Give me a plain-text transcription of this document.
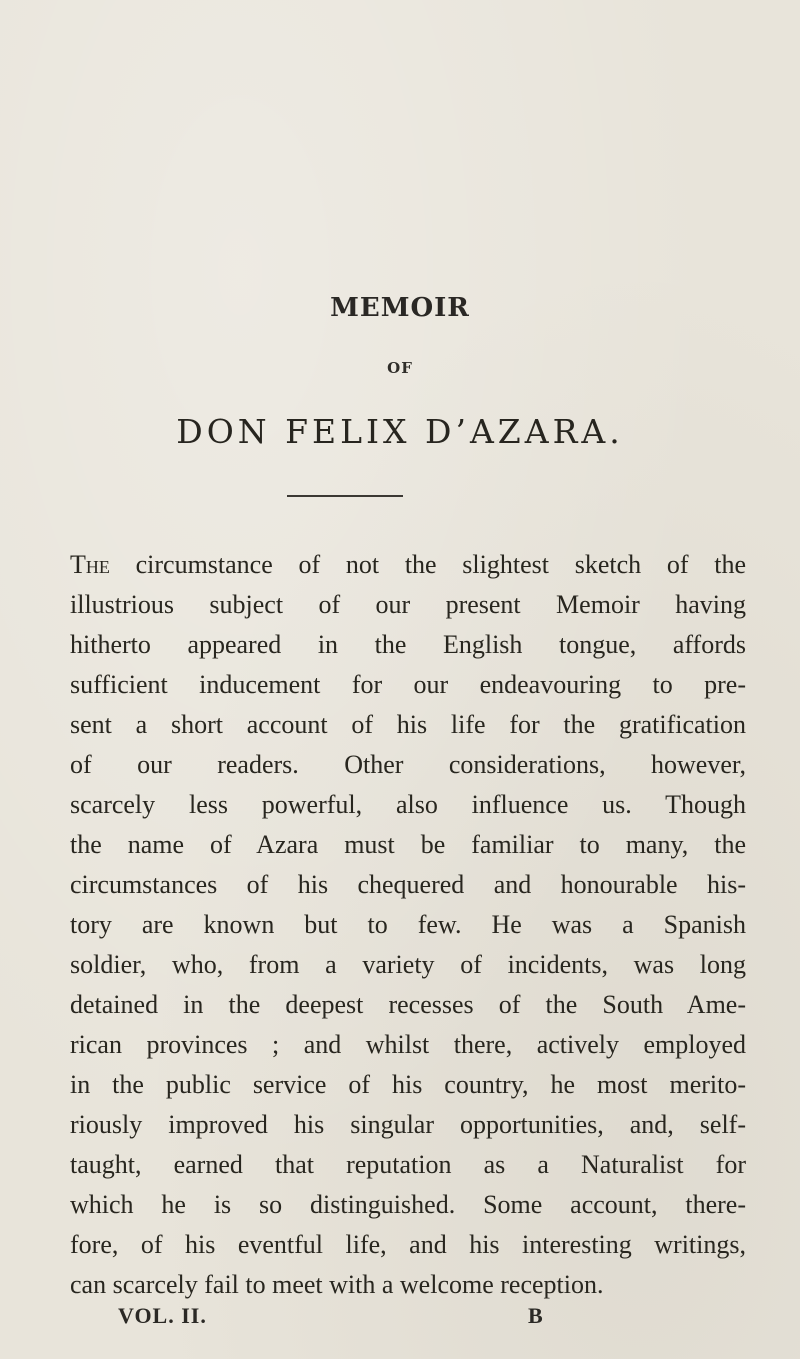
MEMOIR
OF
DON FELIX D’AZARA.
The circumstance of not the slightest sketch of the
illustrious subject of our present Memoir having
hitherto appeared in the English tongue, affords
sufficient inducement for our endeavouring to pre-
sent a short account of his life for the gratification
of our readers. Other considerations, however,
scarcely less powerful, also influence us. Though
the name of Azara must be familiar to many, the
circumstances of his chequered and honourable his-
tory are known but to few. He was a Spanish
soldier, who, from a variety of incidents, was long
detained in the deepest recesses of the South Ame-
rican provinces ; and whilst there, actively employed
in the public service of his country, he most merito-
riously improved his singular opportunities, and, self-
taught, earned that reputation as a Naturalist for
which he is so distinguished. Some account, there-
fore, of his eventful life, and his interesting writings,
can scarcely fail to meet with a welcome reception.
VOL. II.	B
